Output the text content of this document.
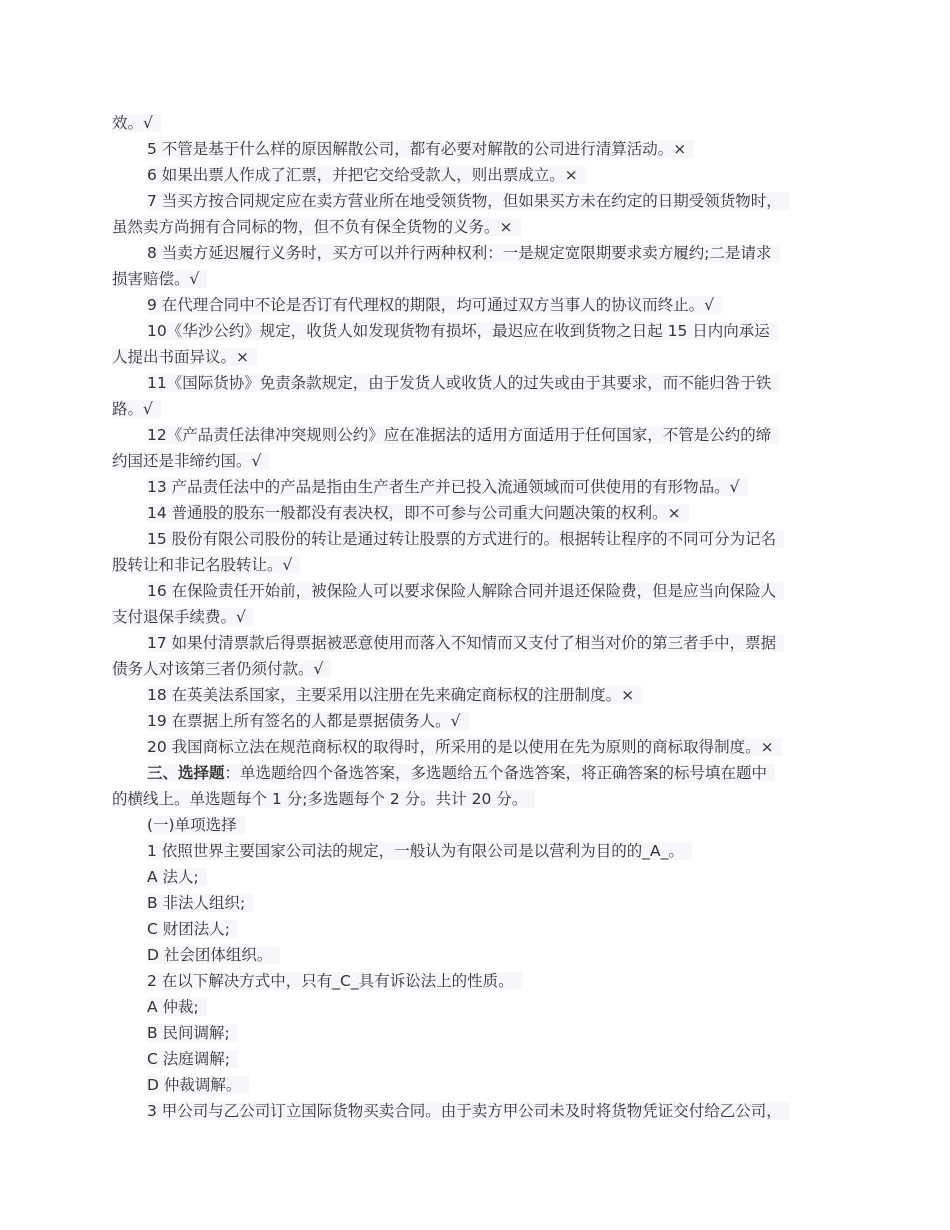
效。√
5 不管是基于什么样的原因解散公司，都有必要对解散的公司进行清算活动。×
6 如果出票人作成了汇票，并把它交给受款人，则出票成立。×
7 当买方按合同规定应在卖方营业所在地受领货物，但如果买方未在约定的日期受领货物时，
虽然卖方尚拥有合同标的物，但不负有保全货物的义务。×
8 当卖方延迟履行义务时，买方可以并行两种权利：一是规定宽限期要求卖方履约;二是请求
损害赔偿。√
9 在代理合同中不论是否订有代理权的期限，均可通过双方当事人的协议而终止。√
10《华沙公约》规定，收货人如发现货物有损坏，最迟应在收到货物之日起 15 日内向承运
人提出书面异议。×
11《国际货协》免责条款规定，由于发货人或收货人的过失或由于其要求，而不能归咎于铁
路。√
12《产品责任法律冲突规则公约》应在准据法的适用方面适用于任何国家，不管是公约的缔
约国还是非缔约国。√
13 产品责任法中的产品是指由生产者生产并已投入流通领域而可供使用的有形物品。√
14 普通股的股东一般都没有表决权，即不可参与公司重大问题决策的权利。×
15 股份有限公司股份的转让是通过转让股票的方式进行的。根据转让程序的不同可分为记名
股转让和非记名股转让。√
16 在保险责任开始前，被保险人可以要求保险人解除合同并退还保险费，但是应当向保险人
支付退保手续费。√
17 如果付清票款后得票据被恶意使用而落入不知情而又支付了相当对价的第三者手中，票据
债务人对该第三者仍须付款。√
18 在英美法系国家，主要采用以注册在先来确定商标权的注册制度。×
19 在票据上所有签名的人都是票据债务人。√
20 我国商标立法在规范商标权的取得时，所采用的是以使用在先为原则的商标取得制度。×
三、选择题：单选题给四个备选答案，多选题给五个备选答案，将正确答案的标号填在题中
的横线上。单选题每个 1 分;多选题每个 2 分。共计 20 分。
(一)单项选择
1 依照世界主要国家公司法的规定，一般认为有限公司是以营利为目的的_A_。
A 法人;
B 非法人组织;
C 财团法人;
D 社会团体组织。
2 在以下解决方式中，只有_C_具有诉讼法上的性质。
A 仲裁;
B 民间调解;
C 法庭调解;
D 仲裁调解。
3 甲公司与乙公司订立国际货物买卖合同。由于卖方甲公司未及时将货物凭证交付给乙公司，
